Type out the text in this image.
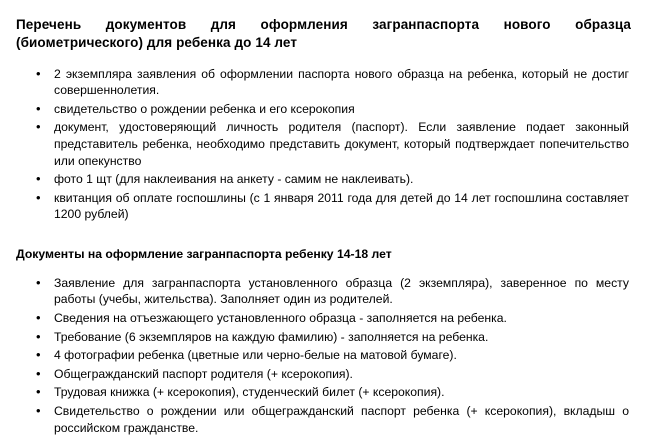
Перечень документов для оформления загранпаспорта нового образца (биометрического) для ребенка до 14 лет
• 2 экземпляра заявления об оформлении паспорта нового образца на ребенка, который не достиг совершеннолетия.
• свидетельство о рождении ребенка и его ксерокопия
• документ, удостоверяющий личность родителя (паспорт). Если заявление подает законный представитель ребенка, необходимо представить документ, который подтверждает попечительство или опекунство
• фото 1 щт (для наклеивания на анкету - самим не наклеивать).
• квитанция об оплате госпошлины (с 1 января 2011 года для детей до 14 лет госпошлина составляет 1200 рублей)
Документы на оформление загранпаспорта ребенку 14-18 лет
• Заявление для загранпаспорта установленного образца (2 экземпляра), заверенное по месту работы (учебы, жительства). Заполняет один из родителей.
• Сведения на отъезжающего установленного образца - заполняется на ребенка.
• Требование (6 экземпляров на каждую фамилию) - заполняется на ребенка.
• 4 фотографии ребенка (цветные или черно-белые на матовой бумаге).
• Общегражданский паспорт родителя (+ ксерокопия).
• Трудовая книжка (+ ксерокопия), студенческий билет (+ ксерокопия).
• Свидетельство о рождении или общегражданский паспорт ребенка (+ ксерокопия), вкладыш о российском гражданстве.
